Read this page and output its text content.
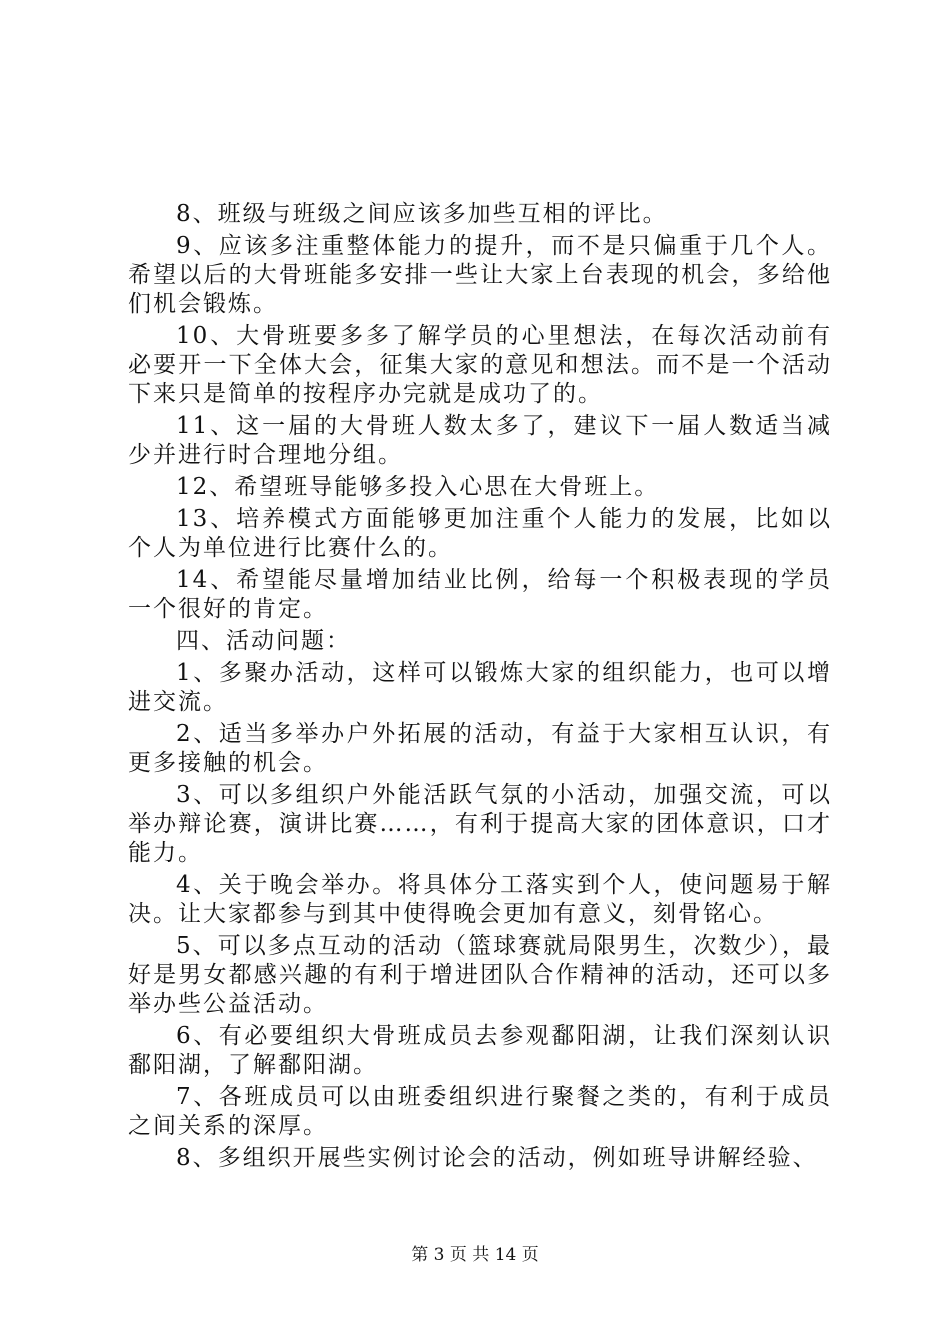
8、班级与班级之间应该多加些互相的评比。

9、应该多注重整体能力的提升，而不是只偏重于几个人。希望以后的大骨班能多安排一些让大家上台表现的机会，多给他们机会锻炼。

10、大骨班要多多了解学员的心里想法，在每次活动前有必要开一下全体大会，征集大家的意见和想法。而不是一个活动下来只是简单的按程序办完就是成功了的。

11、这一届的大骨班人数太多了，建议下一届人数适当减少并进行时合理地分组。

12、希望班导能够多投入心思在大骨班上。

13、培养模式方面能够更加注重个人能力的发展，比如以个人为单位进行比赛什么的。

14、希望能尽量增加结业比例，给每一个积极表现的学员一个很好的肯定。

四、活动问题：

1、多聚办活动，这样可以锻炼大家的组织能力，也可以增进交流。

2、适当多举办户外拓展的活动，有益于大家相互认识，有更多接触的机会。

3、可以多组织户外能活跃气氛的小活动，加强交流，可以举办辩论赛，演讲比赛……，有利于提高大家的团体意识，口才能力。

4、关于晚会举办。将具体分工落实到个人，使问题易于解决。让大家都参与到其中使得晚会更加有意义，刻骨铭心。

5、可以多点互动的活动（篮球赛就局限男生，次数少），最好是男女都感兴趣的有利于增进团队合作精神的活动，还可以多举办些公益活动。

6、有必要组织大骨班成员去参观鄱阳湖，让我们深刻认识鄱阳湖，了解鄱阳湖。

7、各班成员可以由班委组织进行聚餐之类的，有利于成员之间关系的深厚。

8、多组织开展些实例讨论会的活动，例如班导讲解经验、

第 3 页 共 14 页
